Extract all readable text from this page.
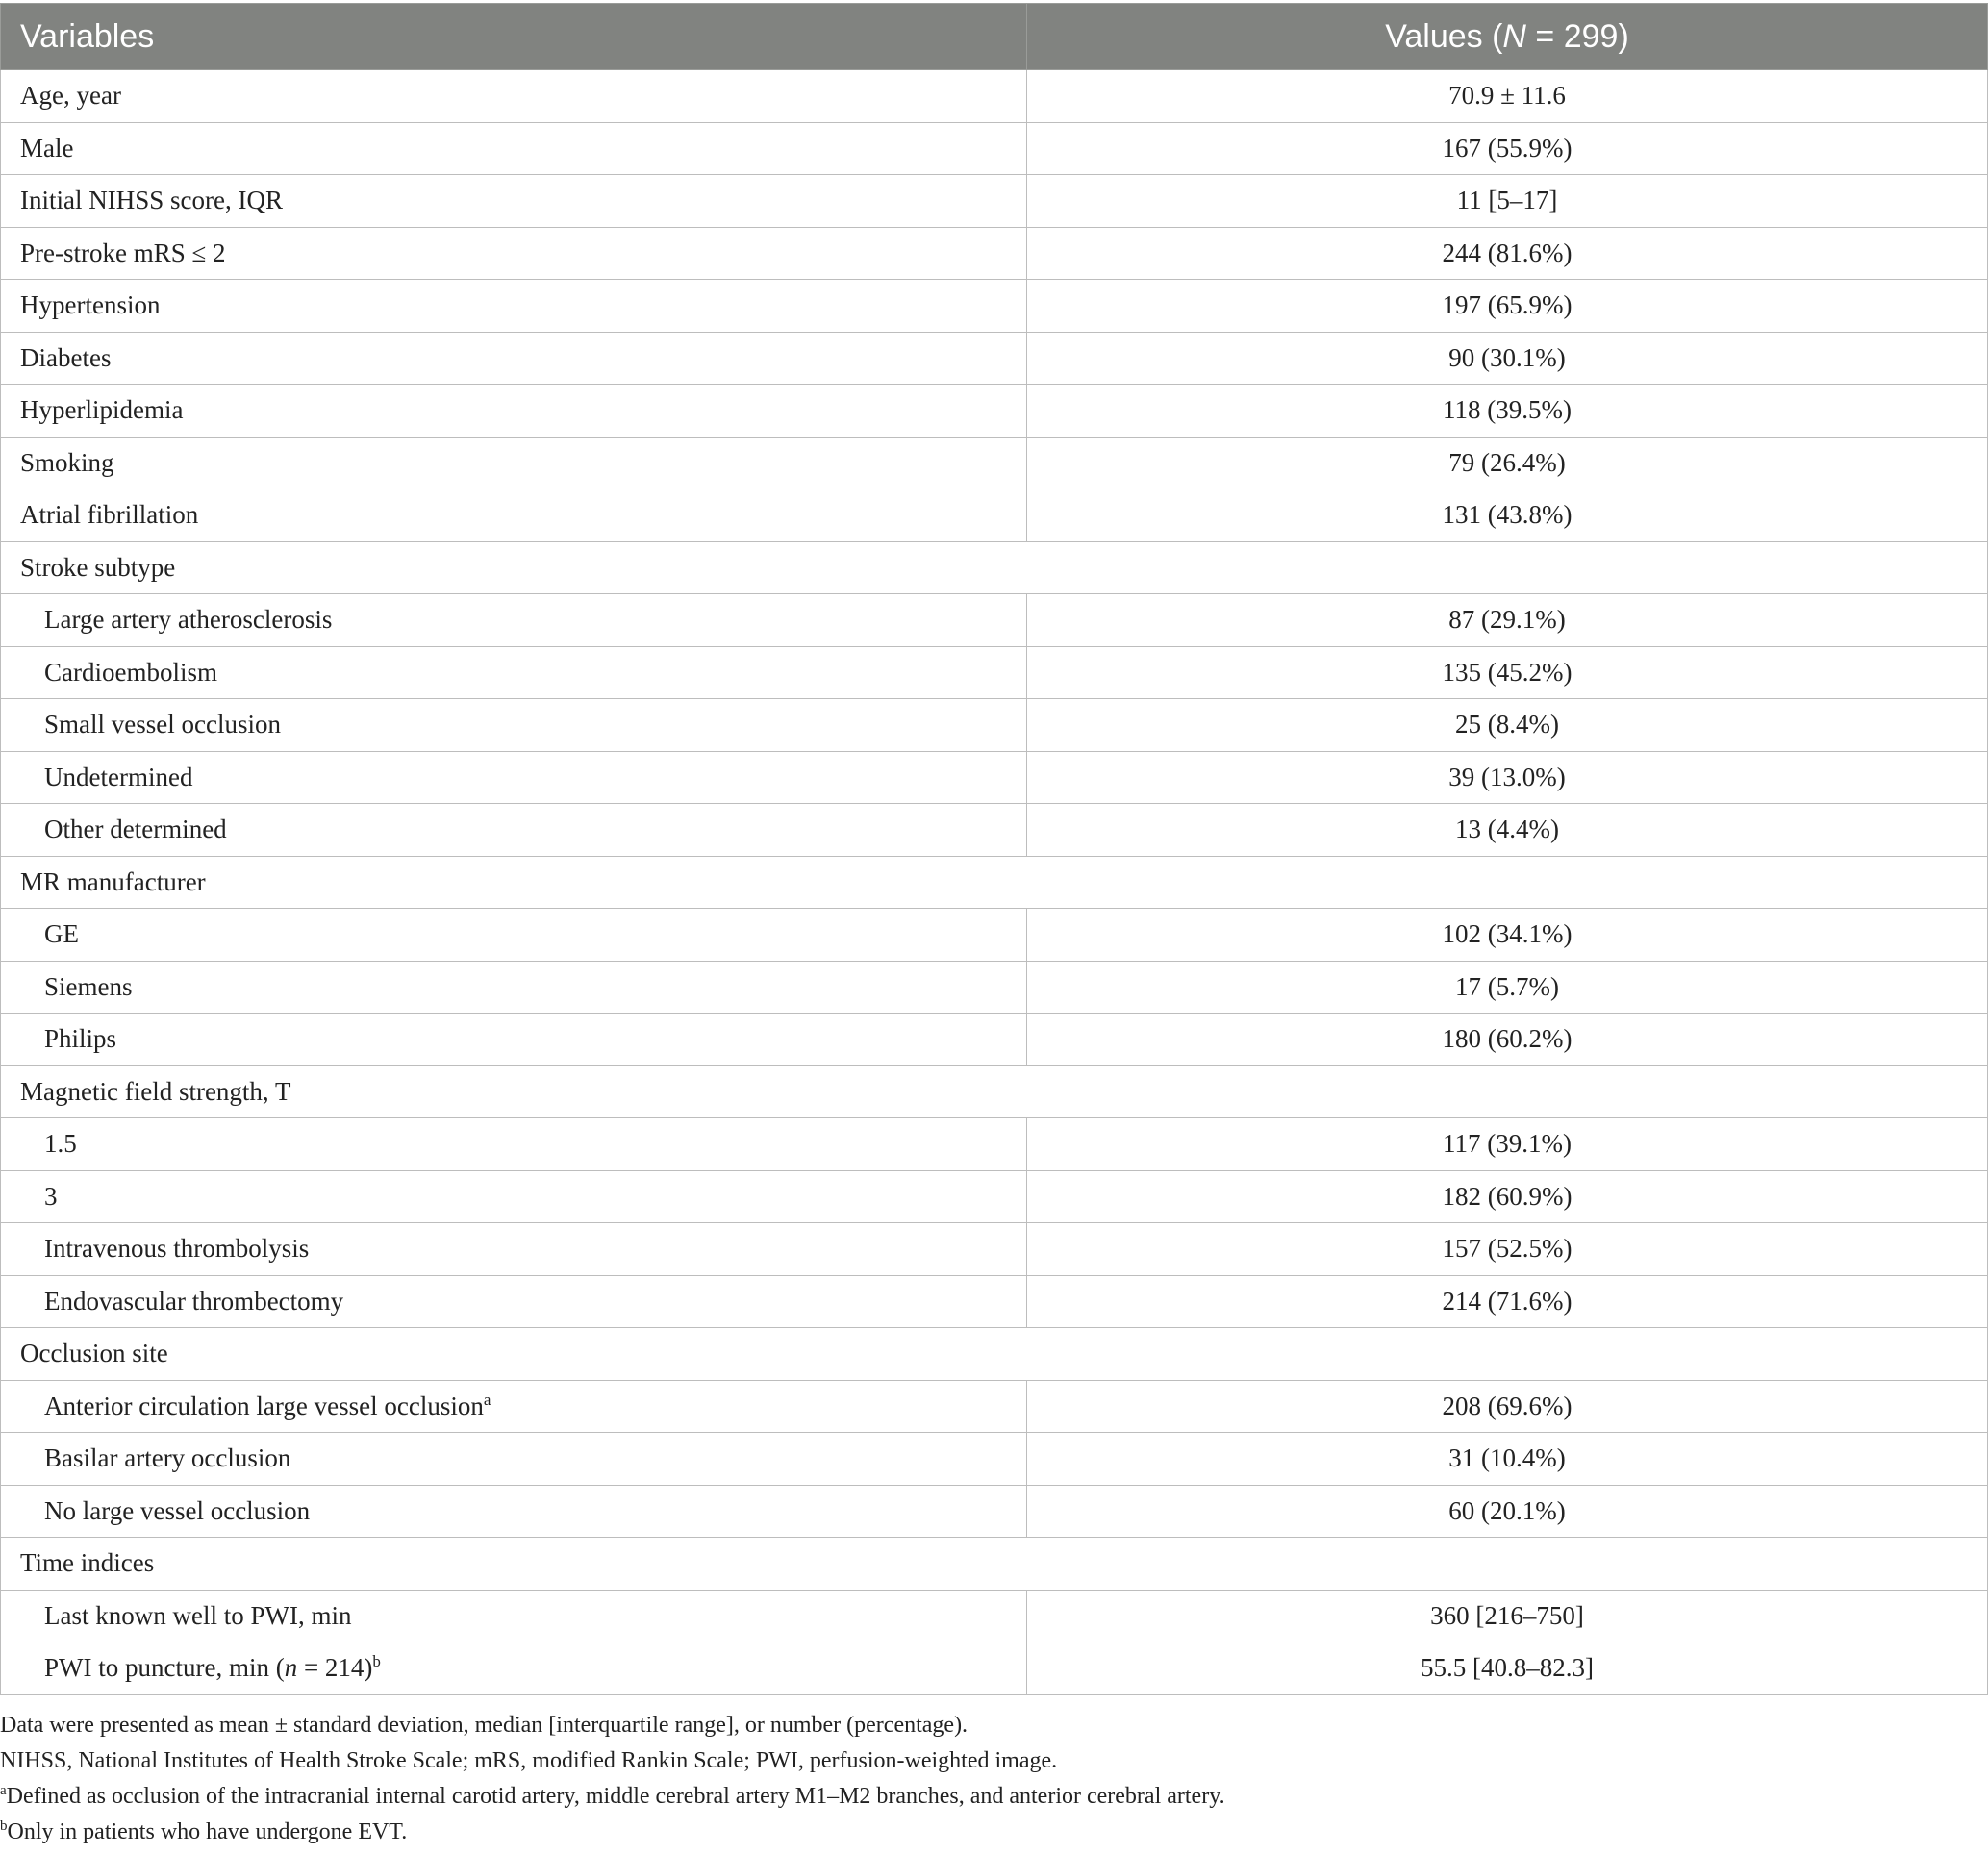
Variables	Values (N = 299)
Age, year	70.9 ± 11.6
Male	167 (55.9%)
Initial NIHSS score, IQR	11 [5–17]
Pre-stroke mRS ≤ 2	244 (81.6%)
Hypertension	197 (65.9%)
Diabetes	90 (30.1%)
Hyperlipidemia	118 (39.5%)
Smoking	79 (26.4%)
Atrial fibrillation	131 (43.8%)
Stroke subtype	
Large artery atherosclerosis	87 (29.1%)
Cardioembolism	135 (45.2%)
Small vessel occlusion	25 (8.4%)
Undetermined	39 (13.0%)
Other determined	13 (4.4%)
MR manufacturer	
GE	102 (34.1%)
Siemens	17 (5.7%)
Philips	180 (60.2%)
Magnetic field strength, T	
1.5	117 (39.1%)
3	182 (60.9%)
Intravenous thrombolysis	157 (52.5%)
Endovascular thrombectomy	214 (71.6%)
Occlusion site	
Anterior circulation large vessel occlusion$^a$	208 (69.6%)
Basilar artery occlusion	31 (10.4%)
No large vessel occlusion	60 (20.1%)
Time indices	
Last known well to PWI, min	360 [216–750]
PWI to puncture, min (n = 214)$^b$	55.5 [40.8–82.3]
Data were presented as mean ± standard deviation, median [interquartile range], or number (percentage).
NIHSS, National Institutes of Health Stroke Scale; mRS, modified Rankin Scale; PWI, perfusion-weighted image.
$^a$Defined as occlusion of the intracranial internal carotid artery, middle cerebral artery M1–M2 branches, and anterior cerebral artery.
$^b$Only in patients who have undergone EVT.
